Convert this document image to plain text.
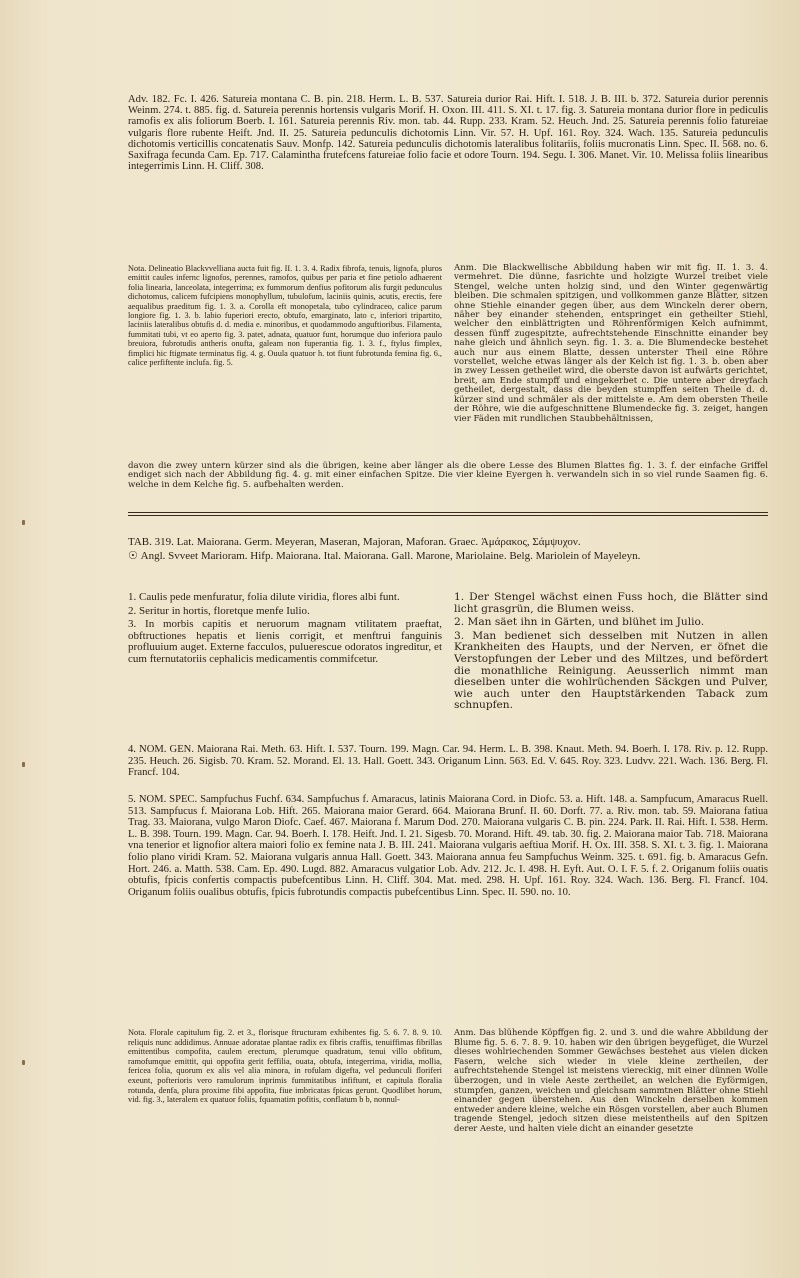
Adv. 182. Fc. I. 426. Satureia montana C. B. pin. 218. Herm. L. B. 537. Satureia durior Rai. Hift. I. 518. J. B. III. b. 372. Satureia durior perennis Weinm. 274. t. 885. fig. d. Satureia perennis hortensis vulgaris Morif. H. Oxon. III. 411. S. XI. t. 17. fig. 3. Satureia montana durior flore in pediculis ramofis ex alis foliorum Boerb. I. 161. Satureia perennis Riv. mon. tab. 44. Rupp. 233. Kram. 52. Heuch. Jnd. 25. Satureia perennis folio fatureiae vulgaris flore rubente Heift. Jnd. II. 25. Satureia pedunculis dichotomis Linn. Vir. 57. H. Upf. 161. Roy. 324. Wach. 135. Satureia pedunculis dichotomis verticillis concatenatis Sauv. Monfp. 142. Satureia pedunculis dichotomis lateralibus folitariis, foliis mucronatis Linn. Spec. II. 568. no. 6. Saxifraga fecunda Cam. Ep. 717. Calamintha frutefcens fatureiae folio facie et odore Tourn. 194. Segu. I. 306. Manet. Vir. 10. Melissa foliis linearibus integerrimis Linn. H. Cliff. 308.

Nota. Delineatio Blackvvelliana aucta fuit fig. II. 1. 3. 4. Radix fibrofa, tenuis, lignofa, pluros emittit caules infernc lignofos, perennes, ramofos, quibus per paria et fine petiolo adhaerent folia linearia, lanceolata, integerrima; ex fummorum denfius pofitorum alis furgit pedunculus dichotomus, calicem fufcipiens monophyllum, tubulofum, laciniis quinis, acutis, erectis, fere aequalibus praeditum fig. 1. 3. a. Corolla eft monopetala, tubo cylindraceo, calice parum longiore fig. 1. 3. b. labio fuperiori erecto, obtufo, emarginato, lato c, inferiori tripartito, laciniis lateralibus obtufis d. d. media e. minoribus, et quodammodo anguftioribus. Filamenta, fummitati tubi, vt eo aperto fig. 3. patet, adnata, quatuor funt, horumque duo inferiora paulo breuiora, fubrotudis antheris onufta, galeam non fuperantia fig. 1. 3. f., ftylus fimplex, fimplici hic ftigmate terminatus fig. 4. g. Ouula quatuor h. tot fiunt fubrotunda femina fig. 6., calice perfiftente inclufa. fig. 5.

Anm. Die Blackwellische Abbildung haben wir mit fig. II. 1. 3. 4. vermehret. Die dünne, fasrichte und holzigte Wurzel treibet viele Stengel, welche unten holzig sind, und den Winter gegenwärtig bleiben. Die schmalen spitzigen, und vollkommen ganze Blätter, sitzen ohne Stiehle einander gegen über, aus dem Winckeln derer obern, näher bey einander stehenden, entspringet ein getheilter Stiehl, welcher den einblättrigten und Röhrenförmigen Kelch aufnimmt, dessen fünff zugespitzte, aufrechtstehende Einschnitte einander bey nahe gleich und ähnlich seyn. fig. 1. 3. a. Die Blumendecke bestehet auch nur aus einem Blatte, dessen unterster Theil eine Röhre vorstellet, welche etwas länger als der Kelch ist fig. 1. 3. b. oben aber in zwey Lessen getheilet wird, die oberste davon ist aufwärts gerichtet, breit, am Ende stumpff und eingekerbet c. Die untere aber dreyfach getheilet, dergestalt, dass die beyden stumpffen seiten Theile d. d. kürzer sind und schmäler als der mittelste e. Am dem obersten Theile der Röhre, wie die aufgeschnittene Blumendecke fig. 3. zeiget, hangen vier Fäden mit rundlichen Staubbehältnissen,

davon die zwey untern kürzer sind als die übrigen, keine aber länger als die obere Lesse des Blumen Blattes fig. 1. 3. f. der einfache Griffel endiget sich nach der Abbildung fig. 4. g. mit einer einfachen Spitze. Die vier kleine Eyergen h. verwandeln sich in so viel runde Saamen fig. 6. welche in dem Kelche fig. 5. aufbehalten werden.

TAB. 319. Lat. Maiorana. Germ. Meyeran, Maseran, Majoran, Maforan. Graec. Ἀμάρακος, Σάμψυχον.
☉ Angl. Svveet Marioram. Hifp. Maiorana. Ital. Maiorana. Gall. Marone, Mariolaine. Belg. Mariolein of Mayeleyn.

1. Caulis pede menfuratur, folia dilute viridia, flores albi funt.

2. Seritur in hortis, floretque menfe Iulio.

3. In morbis capitis et neruorum magnam vtilitatem praeftat, obftructiones hepatis et lienis corrigit, et menftrui fanguinis profluuium auget. Externe facculos, puluerescue odoratos ingreditur, et cum fternutatoriis cephalicis medicamentis commifcetur.

1. Der Stengel wächst einen Fuss hoch, die Blätter sind licht grasgrün, die Blumen weiss.

2. Man säet ihn in Gärten, und blühet im Julio.

3. Man bedienet sich desselben mit Nutzen in allen Krankheiten des Haupts, und der Nerven, er öfnet die Verstopfungen der Leber und des Miltzes, und befördert die monathliche Reinigung. Aeusserlich nimmt man dieselben unter die wohlrüchenden Säckgen und Pulver, wie auch unter den Hauptstärkenden Taback zum schnupfen.

4. NOM. GEN. Maiorana Rai. Meth. 63. Hift. I. 537. Tourn. 199. Magn. Car. 94. Herm. L. B. 398. Knaut. Meth. 94. Boerh. I. 178. Riv. p. 12. Rupp. 235. Heuch. 26. Sigisb. 70. Kram. 52. Morand. El. 13. Hall. Goett. 343. Origanum Linn. 563. Ed. V. 645. Roy. 323. Ludvv. 221. Wach. 136. Berg. Fl. Francf. 104.

5. NOM. SPEC. Sampfuchus Fuchf. 634. Sampfuchus f. Amaracus, latinis Maiorana Cord. in Diofc. 53. a. Hift. 148. a. Sampfucum, Amaracus Ruell. 513. Sampfucus f. Maiorana Lob. Hift. 265. Maiorana maior Gerard. 664. Maiorana Brunf. II. 60. Dorft. 77. a. Riv. mon. tab. 59. Maiorana fatiua Trag. 33. Maiorana, vulgo Maron Diofc. Caef. 467. Maiorana f. Marum Dod. 270. Maiorana vulgaris C. B. pin. 224. Park. II. Rai. Hift. I. 538. Herm. L. B. 398. Tourn. 199. Magn. Car. 94. Boerh. I. 178. Heift. Jnd. I. 21. Sigesb. 70. Morand. Hift. 49. tab. 30. fig. 2. Maiorana maior Tab. 718. Maiorana vna tenerior et lignofior altera maiori folio ex femine nata J. B. III. 241. Maiorana vulgaris aeftiua Morif. H. Ox. III. 358. S. XI. t. 3. fig. 1. Maiorana folio plano viridi Kram. 52. Maiorana vulgaris annua Hall. Goett. 343. Maiorana annua feu Sampfuchus Weinm. 325. t. 691. fig. b. Amaracus Gefn. Hort. 246. a. Matth. 538. Cam. Ep. 490. Lugd. 882. Amaracus vulgatior Lob. Adv. 212. Jc. I. 498. H. Eyft. Aut. O. I. F. 5. f. 2. Origanum foliis ouatis obtufis, fpicis confertis compactis pubefcentibus Linn. H. Cliff. 304. Mat. med. 298. H. Upf. 161. Roy. 324. Wach. 136. Berg. Fl. Francf. 104. Origanum foliis oualibus obtufis, fpicis fubrotundis compactis pubefcentibus Linn. Spec. II. 590. no. 10.

Nota. Florale capitulum fig. 2. et 3., florisque ftructuram exhibentes fig. 5. 6. 7. 8. 9. 10. reliquis nunc addidimus. Annuae adoratae plantae radix ex fibris craffis, tenuiffimas fibrillas emittentibus compofita, caulem erectum, plerumque quadratum, tenui villo obfitum, ramofumque emittit, qui oppofita gerit feffilia, ouata, obtufa, integerrima, viridia, mollia, fericea folia, quorum ex alis vel alia minora, in rofulam digefta, vel pedunculi floriferi exeunt, pofterioris vero ramulorum inprimis fummitatibus infiftunt, et capitula floralia rotunda, denfa, plura proxime fibi appofita, fiue imbricatas fpicas gerunt. Quodlibet horum, vid. fig. 3., lateralem ex quatuor foliis, fquamatim pofitis, conflatum b b, nonnul-

Anm. Das blühende Köpffgen fig. 2. und 3. und die wahre Abbildung der Blume fig. 5. 6. 7. 8. 9. 10. haben wir den übrigen beygefüget, die Wurzel dieses wohlriechenden Sommer Gewächses bestehet aus vielen dicken Fasern, welche sich wieder in viele kleine zertheilen, der aufrechtstehende Stengel ist meistens viereckig, mit einer dünnen Wolle überzogen, und in viele Aeste zertheilet, an welchen die Eyförmigen, stumpfen, ganzen, weichen und gleichsam sammtnen Blätter ohne Stiehl einander gegen überstehen. Aus den Winckeln derselben kommen entweder andere kleine, welche ein Rösgen vorstellen, aber auch Blumen tragende Stengel, jedoch sitzen diese meistentheils auf den Spitzen derer Aeste, und halten viele dicht an einander gesetzte
